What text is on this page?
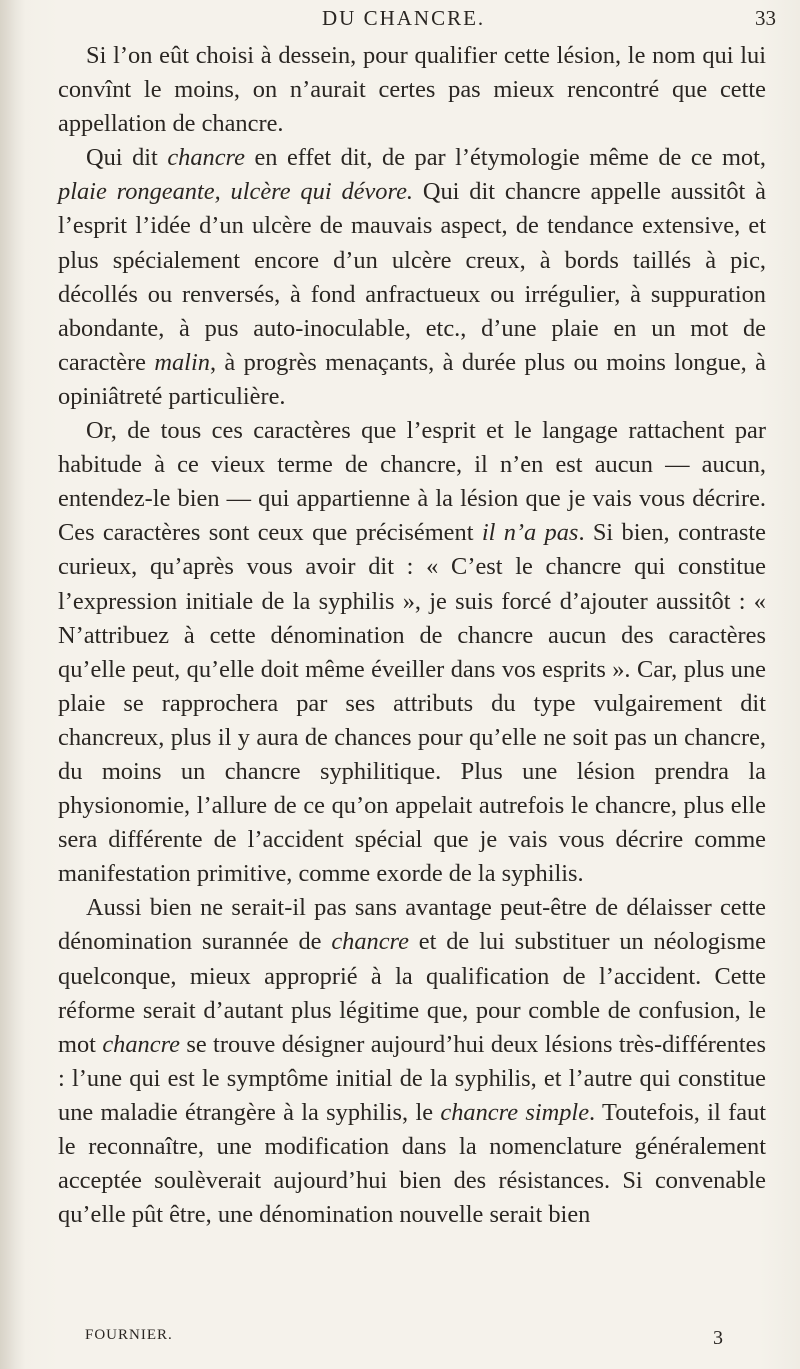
DU CHANCRE.	33

Si l’on eût choisi à dessein, pour qualifier cette lésion, le nom qui lui convînt le moins, on n’aurait certes pas mieux rencontré que cette appellation de chancre.

Qui dit chancre en effet dit, de par l’étymologie même de ce mot, plaie rongeante, ulcère qui dévore. Qui dit chancre appelle aussitôt à l’esprit l’idée d’un ulcère de mauvais aspect, de tendance extensive, et plus spécialement encore d’un ulcère creux, à bords taillés à pic, décollés ou renversés, à fond anfractueux ou irrégulier, à suppuration abondante, à pus auto-inoculable, etc., d’une plaie en un mot de caractère malin, à progrès menaçants, à durée plus ou moins longue, à opiniâtreté particulière.

Or, de tous ces caractères que l’esprit et le langage rattachent par habitude à ce vieux terme de chancre, il n’en est aucun — aucun, entendez-le bien — qui appartienne à la lésion que je vais vous décrire. Ces caractères sont ceux que précisément il n’a pas. Si bien, contraste curieux, qu’après vous avoir dit : « C’est le chancre qui constitue l’expression initiale de la syphilis », je suis forcé d’ajouter aussitôt : « N’attribuez à cette dénomination de chancre aucun des caractères qu’elle peut, qu’elle doit même éveiller dans vos esprits ». Car, plus une plaie se rapprochera par ses attributs du type vulgairement dit chancreux, plus il y aura de chances pour qu’elle ne soit pas un chancre, du moins un chancre syphilitique. Plus une lésion prendra la physionomie, l’allure de ce qu’on appelait autrefois le chancre, plus elle sera différente de l’accident spécial que je vais vous décrire comme manifestation primitive, comme exorde de la syphilis.

Aussi bien ne serait-il pas sans avantage peut-être de délaisser cette dénomination surannée de chancre et de lui substituer un néologisme quelconque, mieux approprié à la qualification de l’accident. Cette réforme serait d’autant plus légitime que, pour comble de confusion, le mot chancre se trouve désigner aujourd’hui deux lésions très-différentes : l’une qui est le symptôme initial de la syphilis, et l’autre qui constitue une maladie étrangère à la syphilis, le chancre simple. Toutefois, il faut le reconnaître, une modification dans la nomenclature généralement acceptée soulèverait aujourd’hui bien des résistances. Si convenable qu’elle pût être, une dénomination nouvelle serait bien

FOURNIER.	3
